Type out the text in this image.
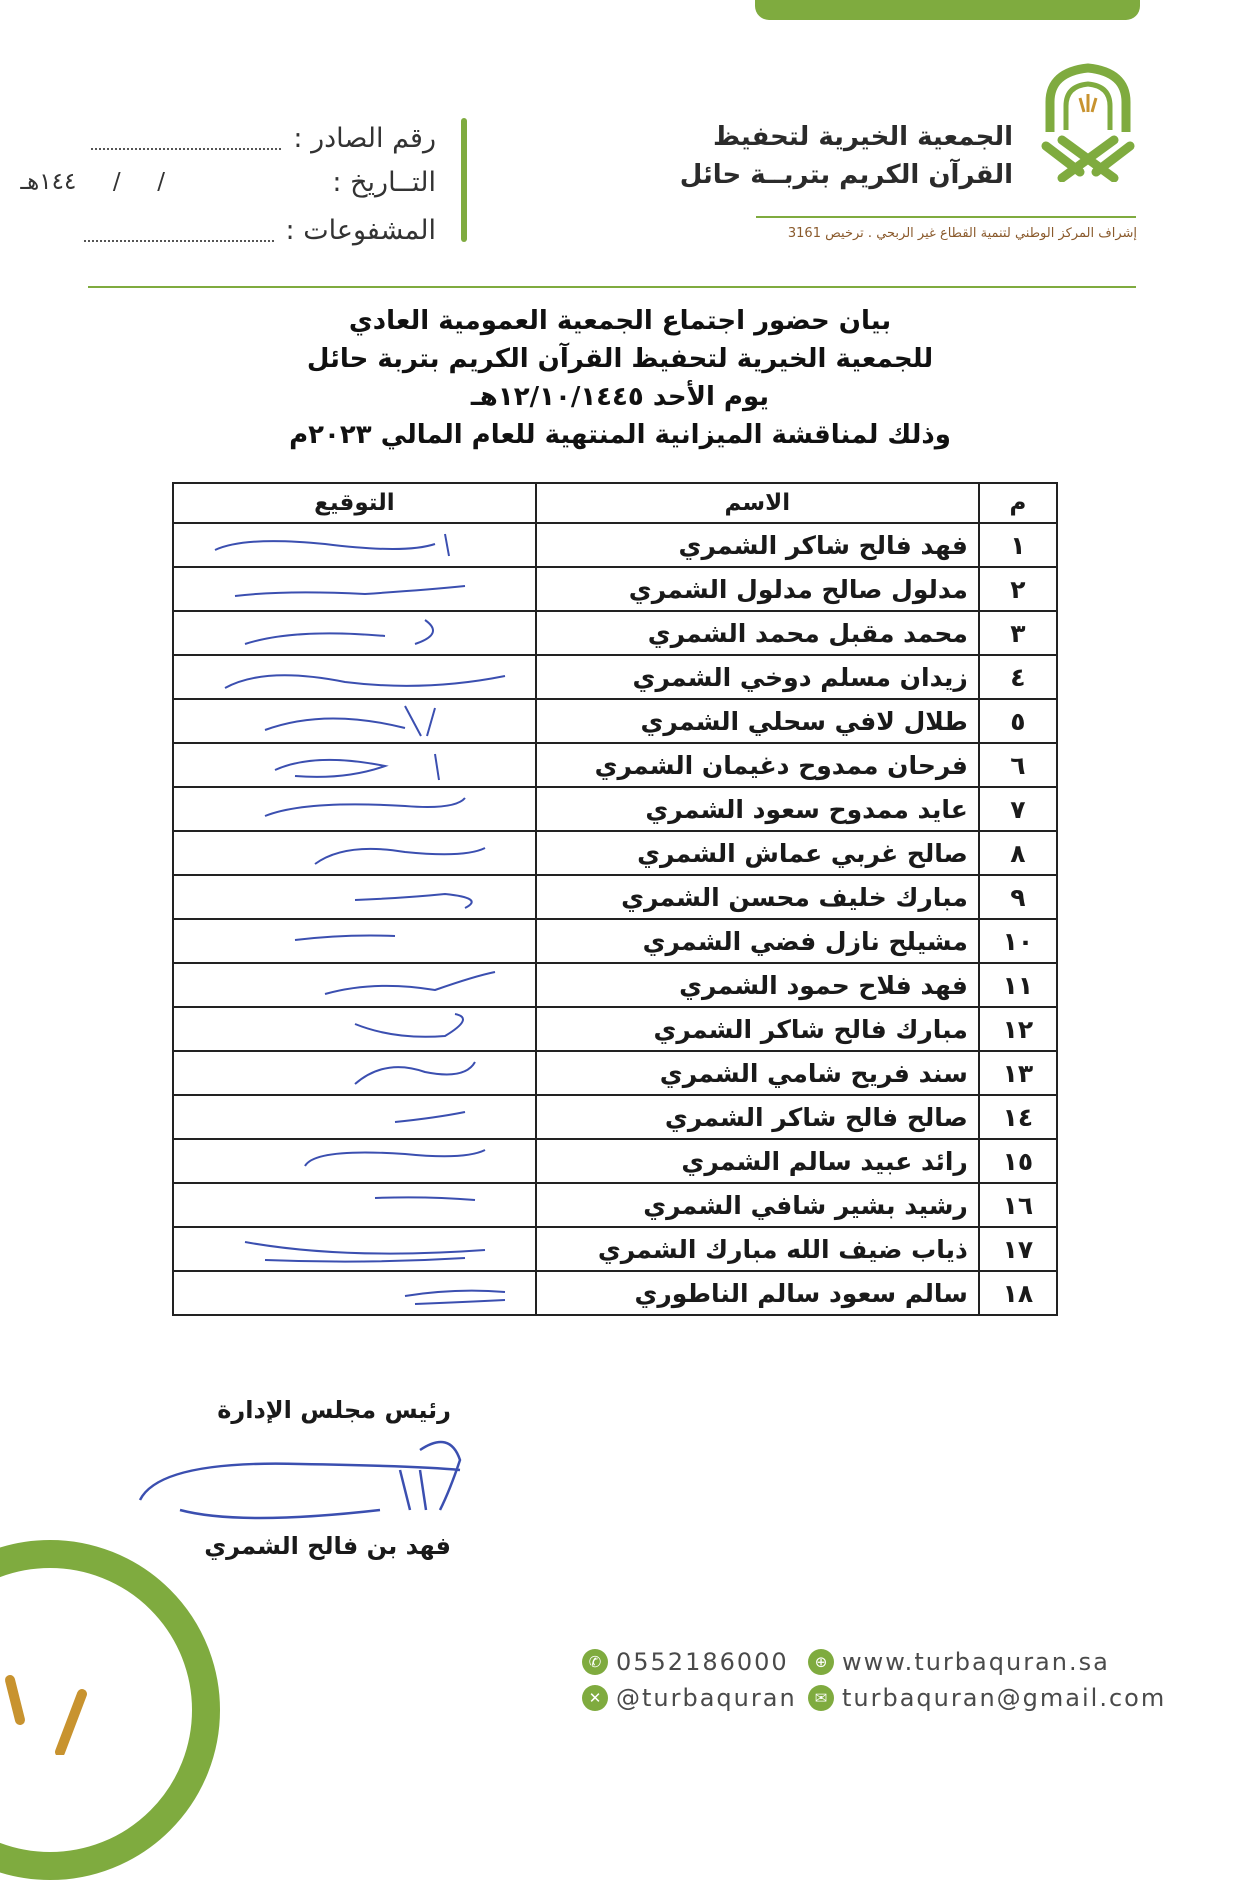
الجمعية الخيرية لتحفيظ
القرآن الكريم بتربــة حائل
إشراف المركز الوطني لتنمية القطاع غير الربحي . ترخيص 3161
رقم الصادر :
التــاريخ :
/     /     ١٤٤هـ
المشفوعات :
بيان حضور اجتماع الجمعية العمومية العادي
للجمعية الخيرية لتحفيظ القرآن الكريم بتربة حائل
يوم الأحد ١٢/١٠/١٤٤٥هـ
وذلك لمناقشة الميزانية المنتهية للعام المالي ٢٠٢٣م
م	الاسم	التوقيع
١	فهد فالح شاكر الشمري	

٢	مدلول صالح مدلول الشمري	

٣	محمد مقبل محمد الشمري	

٤	زيدان مسلم دوخي الشمري	

٥	طلال لافي سحلي الشمري	

٦	فرحان ممدوح دغيمان الشمري	

٧	عايد ممدوح سعود الشمري	

٨	صالح غربي عماش الشمري	

٩	مبارك خليف محسن الشمري	

١٠	مشيلح نازل فضي الشمري	

١١	فهد فلاح حمود الشمري	

١٢	مبارك فالح شاكر الشمري	

١٣	سند فريح شامي الشمري	

١٤	صالح فالح شاكر الشمري	

١٥	رائد عبيد سالم الشمري	

١٦	رشيد بشير شافي الشمري	

١٧	ذياب ضيف الله مبارك الشمري	

١٨	سالم سعود سالم الناطوري	
رئيس مجلس الإدارة
فهد بن فالح الشمري
✆ 0552186000	⊕ www.turbaquran.sa
✕ @turbaquran	✉ turbaquran@gmail.com
